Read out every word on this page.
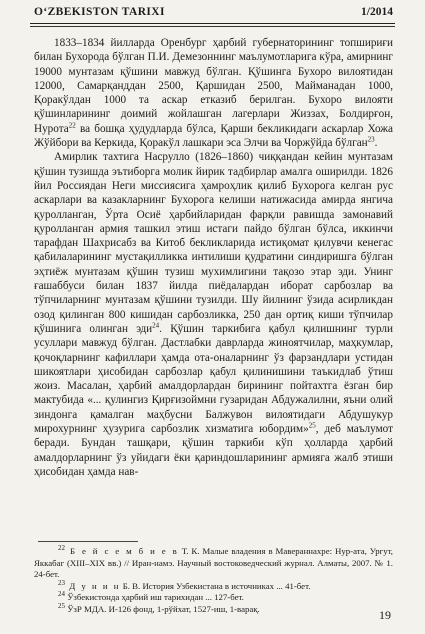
O‘ZBEKISTON TARIXI	1/2014

1833–1834 йилларда Оренбург ҳарбий губернаторининг топшириғи билан Бухорода бўлган П.И. Демезоннинг маълумотларига кўра, амирнинг 19000 мунтазам қўшини мавжуд бўлган. Қўшинга Бухоро вилоятидан 12000, Самарқанддан 2500, Қаршидан 2500, Майманадан 1000, Қоракўлдан 1000 та аскар етказиб берилган. Бухоро вилояти қўшинларининг доимий жойлашган лагерлари Жиззах, Болдирғон, Нурота$^{22}$ ва бошқа ҳудудларда бўлса, Қарши бекликидаги аскарлар Хожа Жўйбори ва Керкида, Қоракўл лашкари эса Элчи ва Чоржўйда бўлган$^{23}$.

Амирлик тахтига Насрулло (1826–1860) чиққандан кейин мунтазам қўшин тузишда эътиборга молик йирик тадбирлар амалга оширилди. 1826 йил Россиядан Неги миссиясига ҳамроҳлик қилиб Бухорога келган рус аскарлари ва казакларнинг Бухорога келиши натижасида амирда янгича қуролланган, Ўрта Осиё ҳарбийларидан фарқли равишда замонавий қуролланган армия ташкил этиш истаги пайдо бўлган бўлса, иккинчи тарафдан Шахрисабз ва Китоб бекликларида истиқомат қилувчи кенегас қабилаларининг мустақилликка интилиши қудратини синдиришга бўлган эҳтиёж мунтазам қўшин тузиш мухимлигини тақозо этар эди. Унинг ғашаббуси билан 1837 йилда пиёдалардан иборат сарбозлар ва тўпчиларнинг мунтазам қўшини тузилди. Шу йилнинг ўзида асирликдан озод қилинган 800 кишидан сарбозликка, 250 дан ортиқ киши тўпчилар қўшинига олинган эди$^{24}$. Қўшин таркибига қабул қилишнинг турли усуллари мавжуд бўлган. Дастлабки даврларда жиноятчилар, маҳкумлар, қочоқларнинг кафиллари ҳамда ота-оналарнинг ўз фарзандлари устидан шикоятлари ҳисобидан сарбозлар қабул қилинишини таъкидлаб ўтиш жоиз. Масалан, ҳарбий амалдорлардан бирининг пойтахтга ёзган бир мактубида «... қулингиз Қирғизоймни гузаридан Абдужалилни, яъни олий зиндонга қамалган маҳбусни Балжувон вилоятидаги Абдушукур мирохурнинг ҳузурига сарбозлик хизматига юбордим»$^{25}$, деб маълумот беради. Бундан ташқари, қўшин таркиби кўп ҳолларда ҳарбий амалдорларнинг ўз уйидаги ёки қариндошларининг армияга жалб этиши ҳисобидан ҳамда нав-

$^{22}$ Б е й с е м б и е в Т. К. Малые владения в Мавераннахре: Нур-ата, Ургут, Яккабаг (XIII–XIX вв.) // Иран-намэ. Научный востоковедческий журнал. Алматы, 2007. № 1. 24-бет.

$^{23}$ Д у н и н Б. В. История Узбекистана в источниках ... 41-бет.

$^{24}$ Ўзбекистонда ҳарбий иш тарихидан ... 127-бет.

$^{25}$ ЎзР МДА. И-126 фонд, 1-рўйхат, 1527-иш, 1-варақ.	19
